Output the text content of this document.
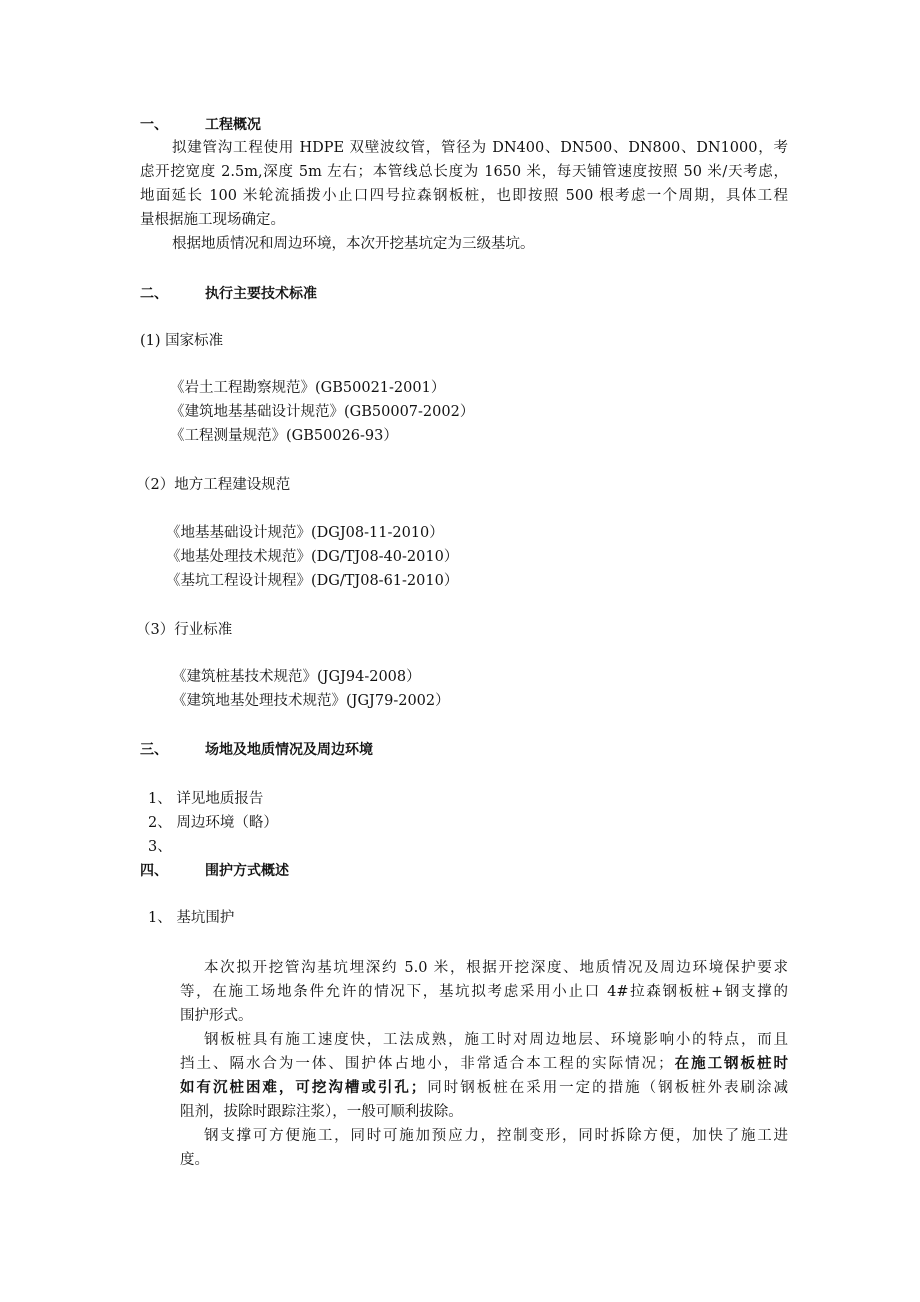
一、	工程概况
拟建管沟工程使用 HDPE 双壁波纹管，管径为 DN400、DN500、DN800、DN1000，考
虑开挖宽度 2.5m,深度 5m 左右；本管线总长度为 1650 米，每天铺管速度按照 50 米/天考虑，
地面延长 100 米轮流插拨小止口四号拉森钢板桩，也即按照 500 根考虑一个周期，具体工程
量根据施工现场确定。
根据地质情况和周边环境，本次开挖基坑定为三级基坑。
二、	执行主要技术标准
(1) 国家标准
《岩土工程勘察规范》(GB50021-2001）
《建筑地基基础设计规范》(GB50007-2002）
《工程测量规范》(GB50026-93）
（2）地方工程建设规范
《地基基础设计规范》(DGJ08-11-2010）
《地基处理技术规范》(DG/TJ08-40-2010）
《基坑工程设计规程》(DG/TJ08-61-2010）
（3）行业标准
《建筑桩基技术规范》(JGJ94-2008）
《建筑地基处理技术规范》(JGJ79-2002）
三、	场地及地质情况及周边环境
1、 详见地质报告
2、 周边环境（略）
3、
四、	围护方式概述
1、 基坑围护
本次拟开挖管沟基坑埋深约 5.0 米，根据开挖深度、地质情况及周边环境保护要求
等，在施工场地条件允许的情况下，基坑拟考虑采用小止口 4#拉森钢板桩+钢支撑的
围护形式。
钢板桩具有施工速度快，工法成熟，施工时对周边地层、环境影响小的特点，而且
挡土、隔水合为一体、围护体占地小，非常适合本工程的实际情况；在施工钢板桩时
如有沉桩困难，可挖沟槽或引孔；同时钢板桩在采用一定的措施（钢板桩外表刷涂减
阻剂，拔除时跟踪注浆），一般可顺利拔除。
钢支撑可方便施工，同时可施加预应力，控制变形，同时拆除方便，加快了施工进
度。
